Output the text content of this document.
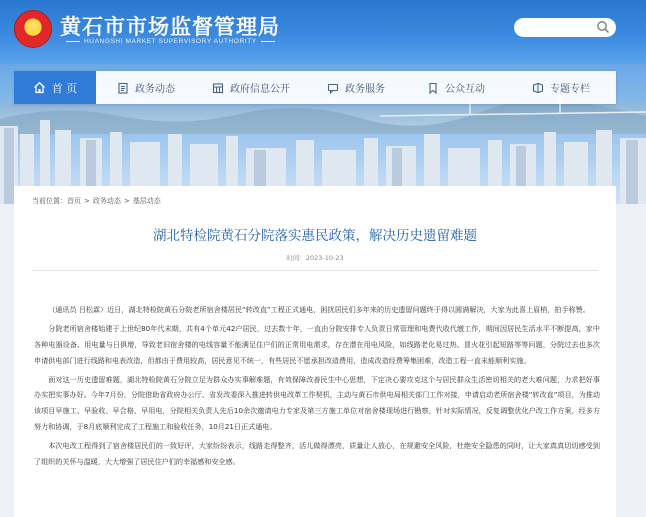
★ 黄石市市场监督管理局
HUANGSHI MARKET SUPERVISORY AUTHORITY
首 页	政务动态	政府信息公开	政务服务	公众互动	专题专栏
当前位置：首页 > 政务动态 > 基层动态
湖北特检院黄石分院落实惠民政策，解决历史遗留难题
时间：2023-10-23

（通讯员 吕松霖）近日，湖北特检院黄石分院老所宿舍楼居民“转改直”工程正式通电，困扰居民们多年来的历史遗留问题终于得以圆满解决，大家为此喜上眉梢，拍手称赞。

分院老所宿舍楼始建于上世纪80年代末期，共有4个单元42户居民，过去数十年，一直由分院安排专人负责日常管理和电费代收代缴工作，期间因居民生活水平不断提高，家中各种电器设备、用电量与日俱增，导致老旧宿舍楼的电线容量不能满足住户们的正常用电需求，存在潜在用电风险，如线路老化易过热、冒火花引起短路等等问题，分院过去也多次申请供电部门进行线路和电表改造，但都由于费用较高，居民意见不统一，有些居民不愿承担改造费用，造成改造经费筹集困难，改造工程一直未能顺利实施。

面对这一历史遗留难题，湖北特检院黄石分院立足为群众办实事解难题，有效保障改善民生中心思想，下定决心要攻克这个与居民群众生活密切相关的老大难问题，力求把好事办实把实事办好。今年7月份，分院借助省政府办公厅、省发改委深入推进转供电改革工作契机，主动与黄石市供电局相关部门工作对接，申请启动老所宿舍楼“转改直”项目，为推动该项目早施工、早验收、早合格、早用电，分院相关负责人先后10余次邀请电力专家及第三方施工单位对宿舍楼现场进行勘察，针对实际情况，反复调整优化户改工作方案，经多方努力和协调，于8月底顺利完成了工程施工和验收任务，10月21日正式通电。

本次电改工程得到了宿舍楼居民们的一致好评，大家纷纷表示，线路走得整齐，活儿做得漂亮，质量让人放心，在规避安全风险，杜绝安全隐患的同时，让大家真真切切感受到了组织的关怀与温暖，大大增强了居民住户们的幸福感和安全感。
